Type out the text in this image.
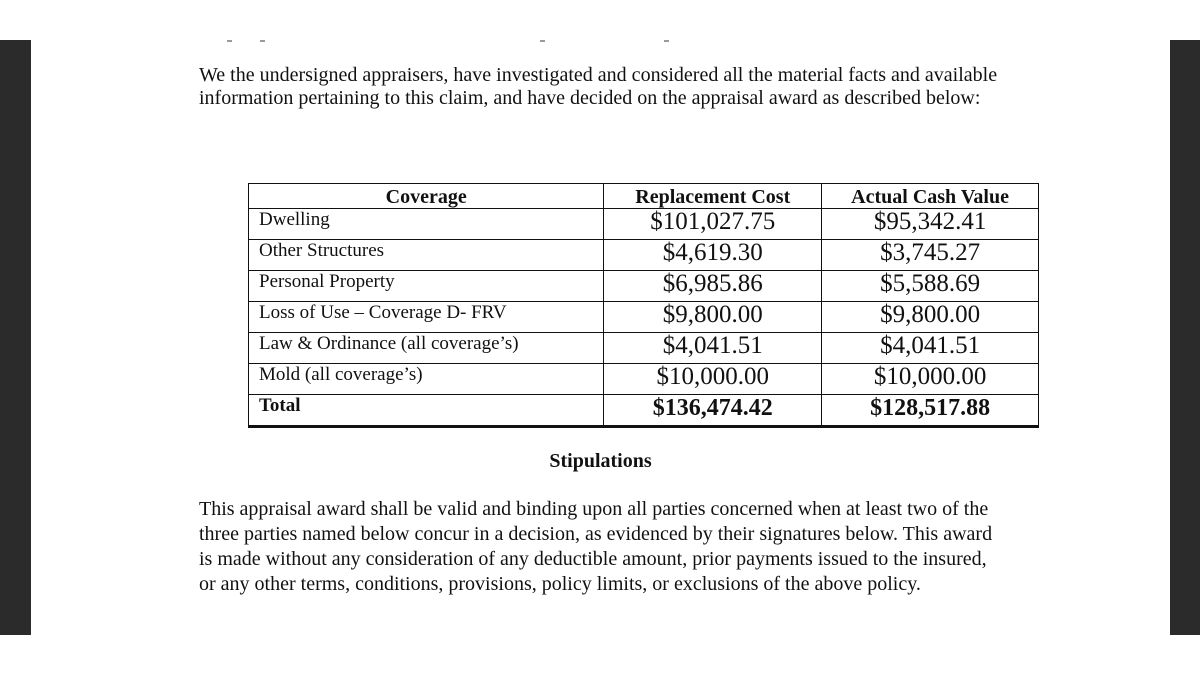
We the undersigned appraisers, have investigated and considered all the material facts and available information pertaining to this claim, and have decided on the appraisal award as described below:

Coverage	Replacement Cost	Actual Cash Value
Dwelling	$101,027.75	$95,342.41
Other Structures	$4,619.30	$3,745.27
Personal Property	$6,985.86	$5,588.69
Loss of Use – Coverage D- FRV	$9,800.00	$9,800.00
Law & Ordinance (all coverage’s)	$4,041.51	$4,041.51
Mold (all coverage’s)	$10,000.00	$10,000.00
Total	$136,474.42	$128,517.88
Stipulations

This appraisal award shall be valid and binding upon all parties concerned when at least two of the three parties named below concur in a decision, as evidenced by their signatures below. This award is made without any consideration of any deductible amount, prior payments issued to the insured, or any other terms, conditions, provisions, policy limits, or exclusions of the above policy.
